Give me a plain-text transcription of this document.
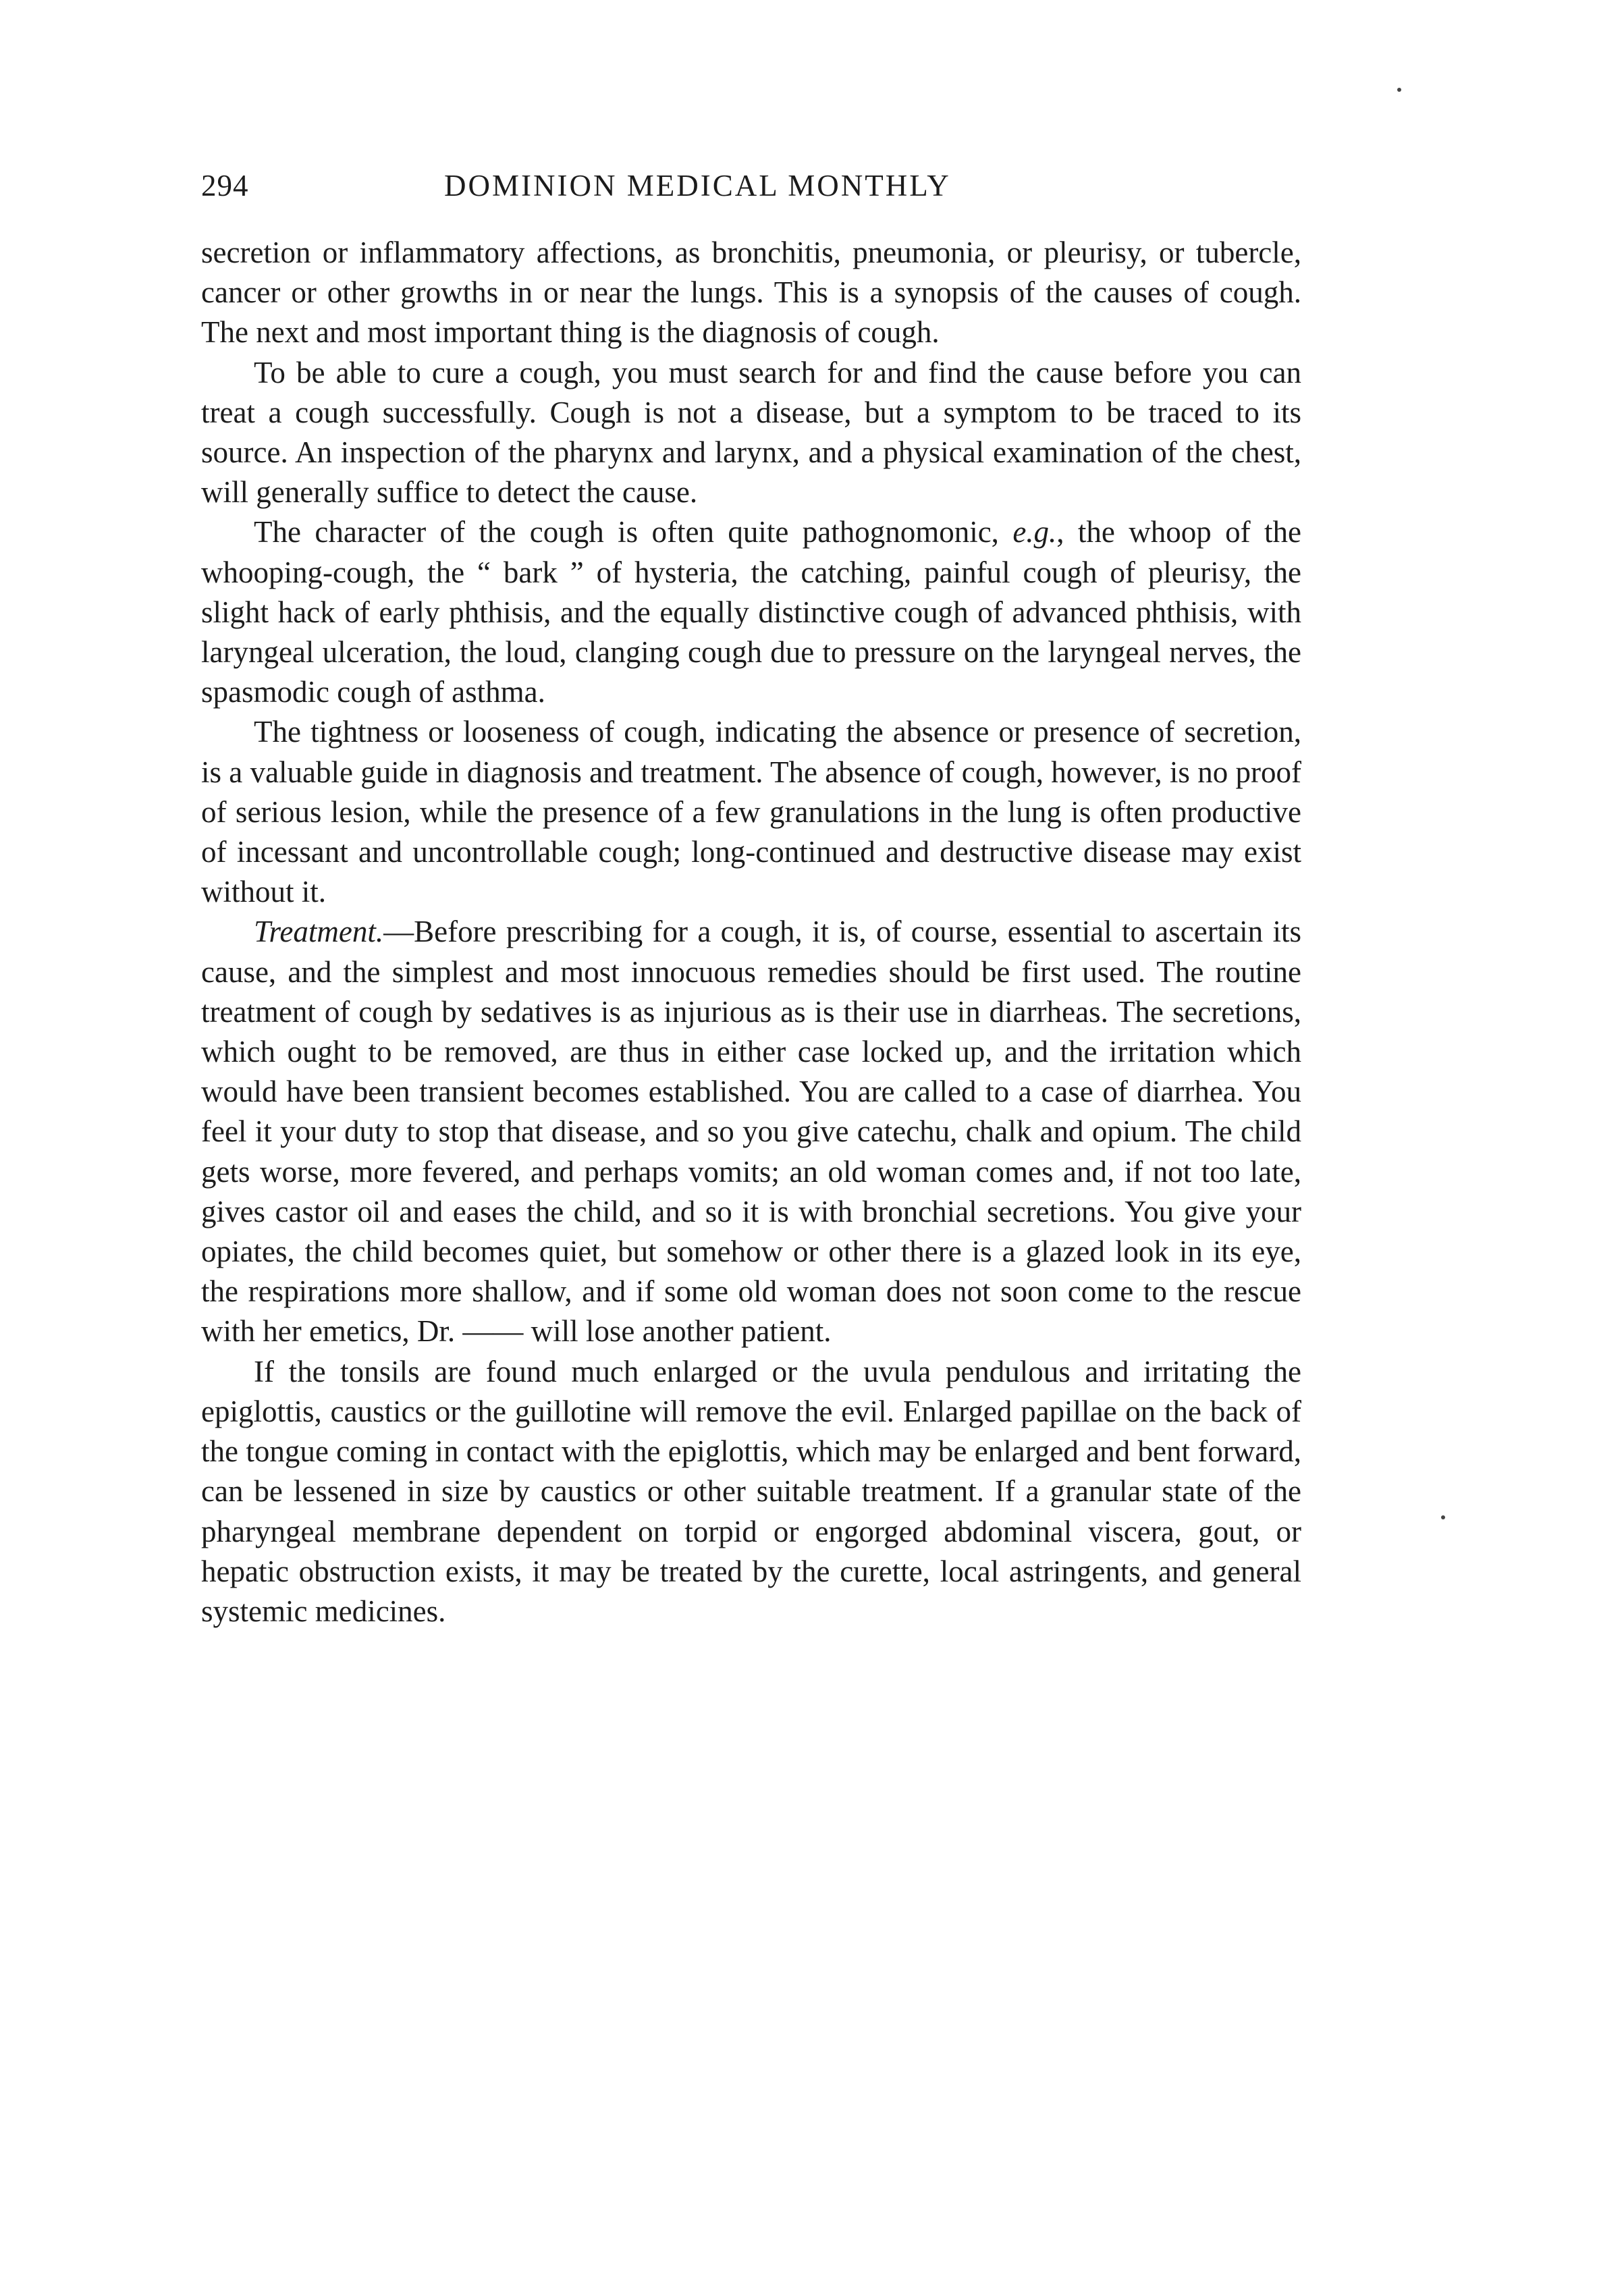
294	DOMINION MEDICAL MONTHLY

secretion or inflammatory affections, as bronchitis, pneumonia, or pleurisy, or tubercle, cancer or other growths in or near the lungs. This is a synopsis of the causes of cough. The next and most important thing is the diagnosis of cough.

To be able to cure a cough, you must search for and find the cause before you can treat a cough successfully. Cough is not a disease, but a symptom to be traced to its source. An inspection of the pharynx and larynx, and a physical examination of the chest, will generally suffice to detect the cause.

The character of the cough is often quite pathognomonic, e.g., the whoop of the whooping-cough, the “ bark ” of hysteria, the catching, painful cough of pleurisy, the slight hack of early phthisis, and the equally distinctive cough of advanced phthisis, with laryngeal ulceration, the loud, clanging cough due to pressure on the laryngeal nerves, the spasmodic cough of asthma.

The tightness or looseness of cough, indicating the absence or presence of secretion, is a valuable guide in diagnosis and treatment. The absence of cough, however, is no proof of serious lesion, while the presence of a few granulations in the lung is often productive of incessant and uncontrollable cough; long-continued and destructive disease may exist without it.

Treatment.—Before prescribing for a cough, it is, of course, essential to ascertain its cause, and the simplest and most innocuous remedies should be first used. The routine treatment of cough by sedatives is as injurious as is their use in diarrheas. The secretions, which ought to be removed, are thus in either case locked up, and the irritation which would have been transient becomes established. You are called to a case of diarrhea. You feel it your duty to stop that disease, and so you give catechu, chalk and opium. The child gets worse, more fevered, and perhaps vomits; an old woman comes and, if not too late, gives castor oil and eases the child, and so it is with bronchial secretions. You give your opiates, the child becomes quiet, but somehow or other there is a glazed look in its eye, the respirations more shallow, and if some old woman does not soon come to the rescue with her emetics, Dr. —— will lose another patient.

If the tonsils are found much enlarged or the uvula pendulous and irritating the epiglottis, caustics or the guillotine will remove the evil. Enlarged papillae on the back of the tongue coming in contact with the epiglottis, which may be enlarged and bent forward, can be lessened in size by caustics or other suitable treatment. If a granular state of the pharyngeal membrane dependent on torpid or engorged abdominal viscera, gout, or hepatic obstruction exists, it may be treated by the curette, local astringents, and general systemic medicines.
